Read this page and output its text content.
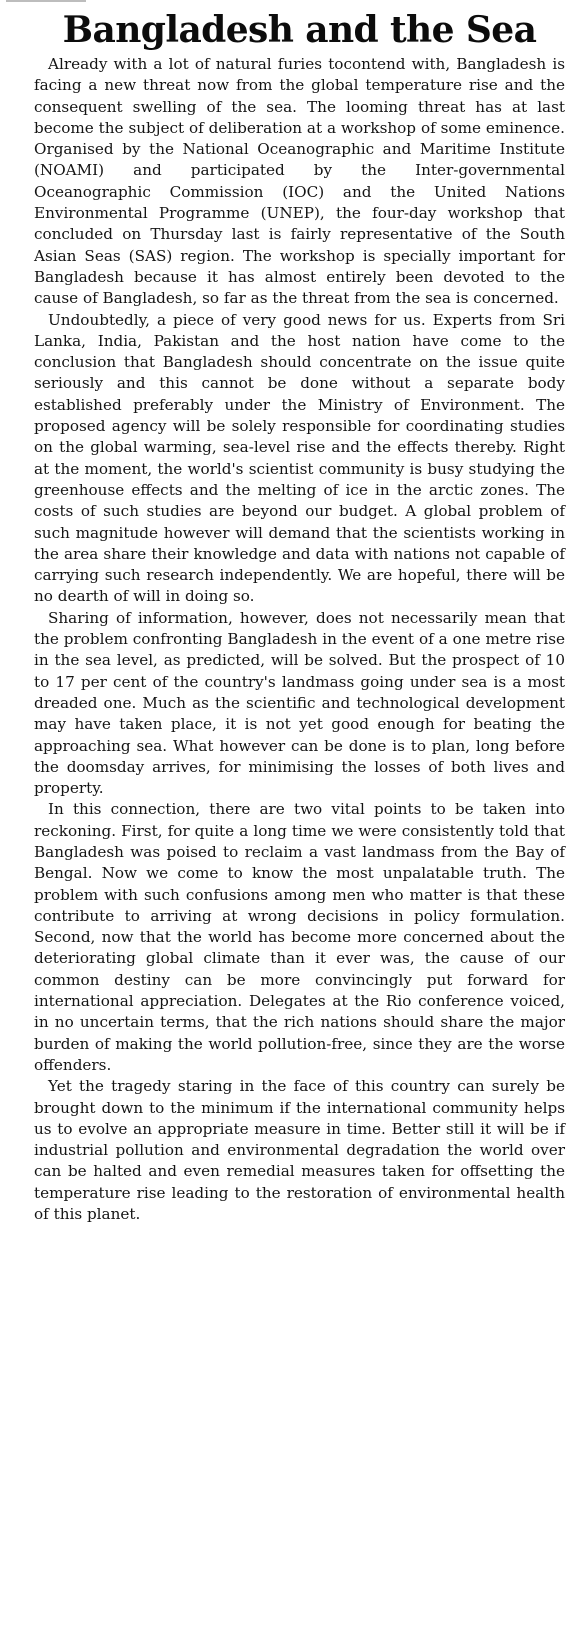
Bangladesh and the Sea

Already with a lot of natural furies tocontend with, Bangladesh is facing a new threat now from the global temperature rise and the consequent swelling of the sea. The looming threat has at last become the subject of deliberation at a workshop of some eminence. Organised by the National Oceanographic and Maritime Institute (NOAMI) and participated by the Inter-governmental Oceanographic Commission (IOC) and the United Nations Environmental Programme (UNEP), the four-day workshop that concluded on Thursday last is fairly representative of the South Asian Seas (SAS) region. The workshop is specially important for Bangladesh because it has almost entirely been devoted to the cause of Bangladesh, so far as the threat from the sea is concerned.

Undoubtedly, a piece of very good news for us. Experts from Sri Lanka, India, Pakistan and the host nation have come to the conclusion that Bangladesh should concentrate on the issue quite seriously and this cannot be done without a separate body established preferably under the Ministry of Environment. The proposed agency will be solely responsible for coordinating studies on the global warming, sea-level rise and the effects thereby. Right at the moment, the world's scientist community is busy studying the greenhouse effects and the melting of ice in the arctic zones. The costs of such studies are beyond our budget. A global problem of such magnitude however will demand that the scientists working in the area share their knowledge and data with nations not capable of carrying such research independently. We are hopeful, there will be no dearth of will in doing so.

Sharing of information, however, does not necessarily mean that the problem confronting Bangladesh in the event of a one metre rise in the sea level, as predicted, will be solved. But the prospect of 10 to 17 per cent of the country's landmass going under sea is a most dreaded one. Much as the scientific and technological development may have taken place, it is not yet good enough for beating the approaching sea. What however can be done is to plan, long before the doomsday arrives, for minimising the losses of both lives and property.

In this connection, there are two vital points to be taken into reckoning. First, for quite a long time we were consistently told that Bangladesh was poised to reclaim a vast landmass from the Bay of Bengal. Now we come to know the most unpalatable truth. The problem with such confusions among men who matter is that these contribute to arriving at wrong decisions in policy formulation. Second, now that the world has become more concerned about the deteriorating global climate than it ever was, the cause of our common destiny can be more convincingly put forward for international appreciation. Delegates at the Rio conference voiced, in no uncertain terms, that the rich nations should share the major burden of making the world pollution-free, since they are the worse offenders.

Yet the tragedy staring in the face of this country can surely be brought down to the minimum if the international community helps us to evolve an appropriate measure in time. Better still it will be if industrial pollution and environmental degradation the world over can be halted and even remedial measures taken for offsetting the temperature rise leading to the restoration of environmental health of this planet.
